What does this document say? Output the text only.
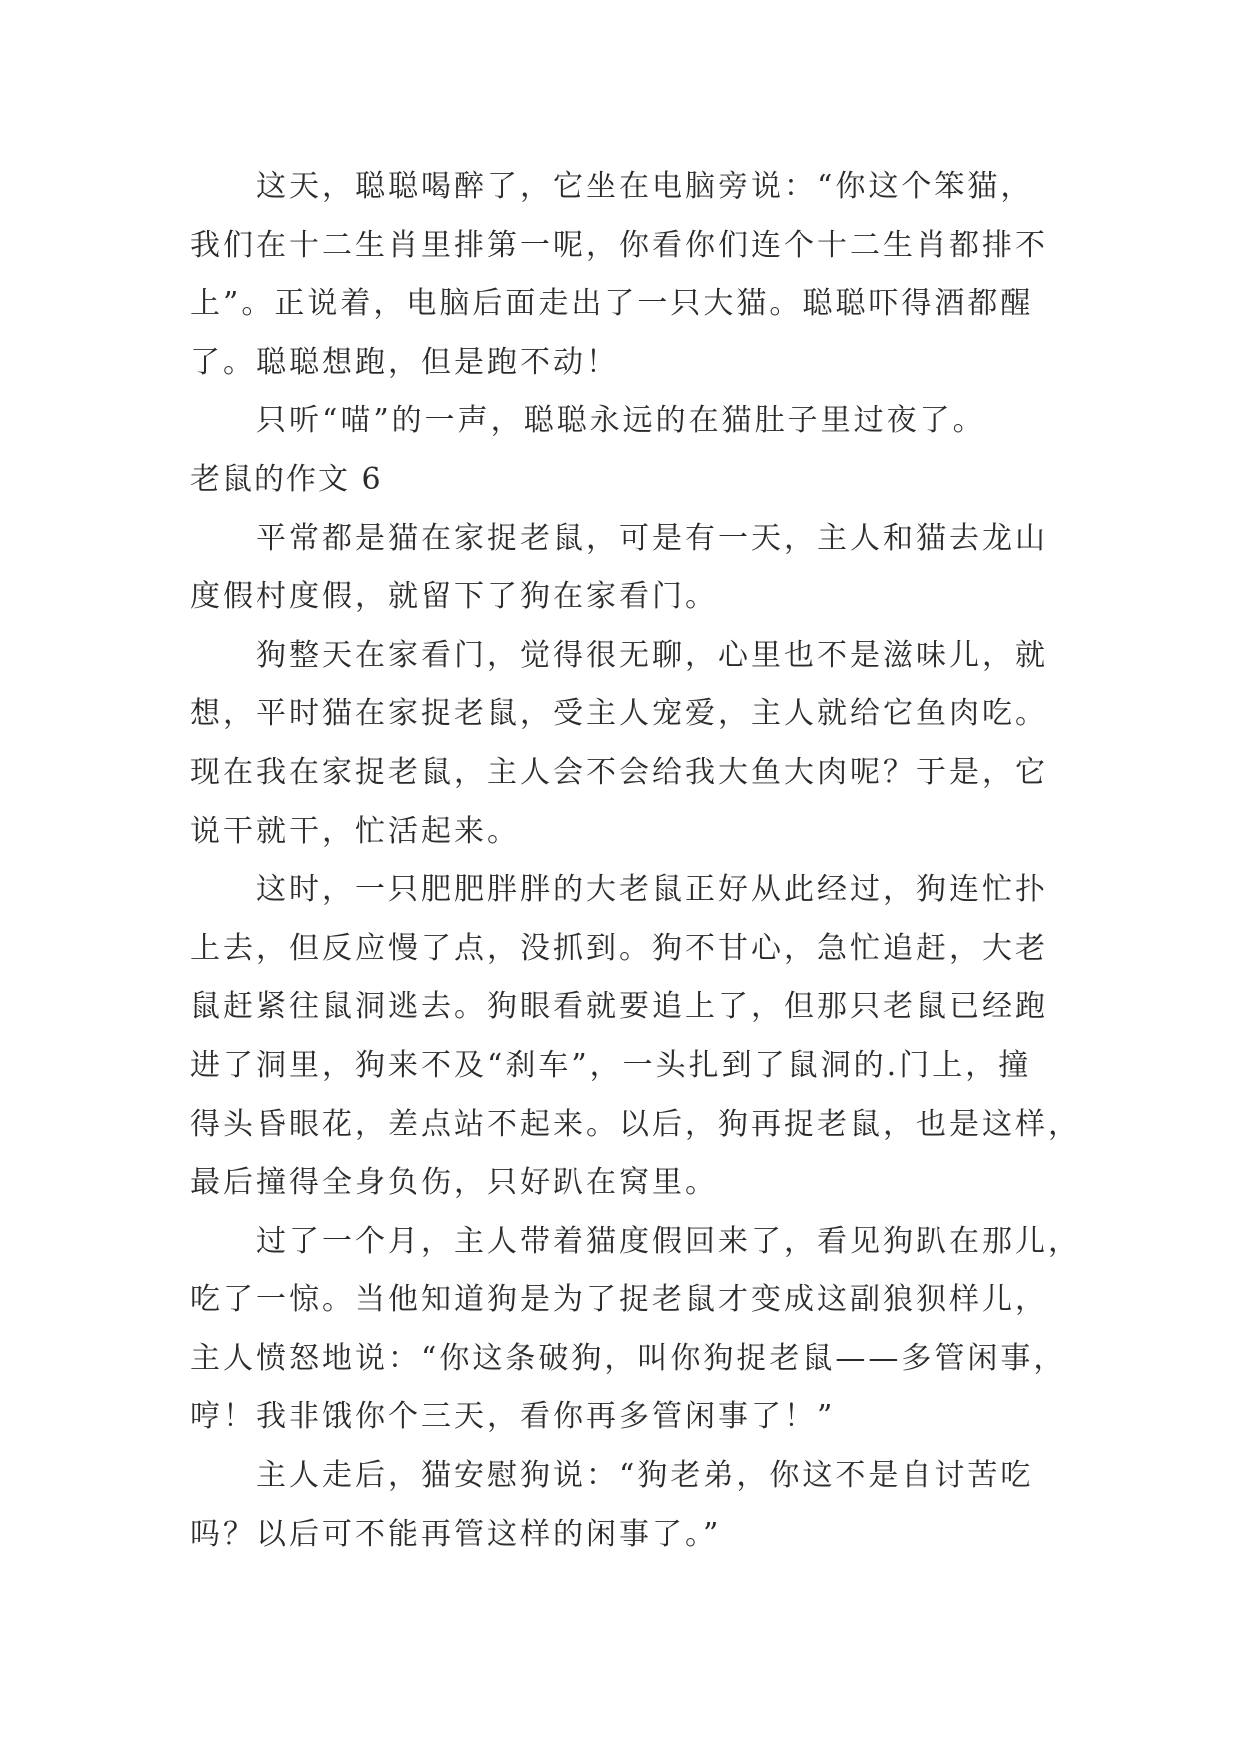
这天，聪聪喝醉了，它坐在电脑旁说：“你这个笨猫，
我们在十二生肖里排第一呢，你看你们连个十二生肖都排不
上”。正说着，电脑后面走出了一只大猫。聪聪吓得酒都醒
了。聪聪想跑，但是跑不动！
只听“喵”的一声，聪聪永远的在猫肚子里过夜了。
老鼠的作文 6
平常都是猫在家捉老鼠，可是有一天，主人和猫去龙山
度假村度假，就留下了狗在家看门。
狗整天在家看门，觉得很无聊，心里也不是滋味儿，就
想，平时猫在家捉老鼠，受主人宠爱，主人就给它鱼肉吃。
现在我在家捉老鼠，主人会不会给我大鱼大肉呢？于是，它
说干就干，忙活起来。
这时，一只肥肥胖胖的大老鼠正好从此经过，狗连忙扑
上去，但反应慢了点，没抓到。狗不甘心，急忙追赶，大老
鼠赶紧往鼠洞逃去。狗眼看就要追上了，但那只老鼠已经跑
进了洞里，狗来不及“刹车”，一头扎到了鼠洞的.门上，撞
得头昏眼花，差点站不起来。以后，狗再捉老鼠，也是这样，
最后撞得全身负伤，只好趴在窝里。
过了一个月，主人带着猫度假回来了，看见狗趴在那儿，
吃了一惊。当他知道狗是为了捉老鼠才变成这副狼狈样儿，
主人愤怒地说：“你这条破狗，叫你狗捉老鼠——多管闲事，
哼！我非饿你个三天，看你再多管闲事了！”
主人走后，猫安慰狗说：“狗老弟，你这不是自讨苦吃
吗？以后可不能再管这样的闲事了。”
